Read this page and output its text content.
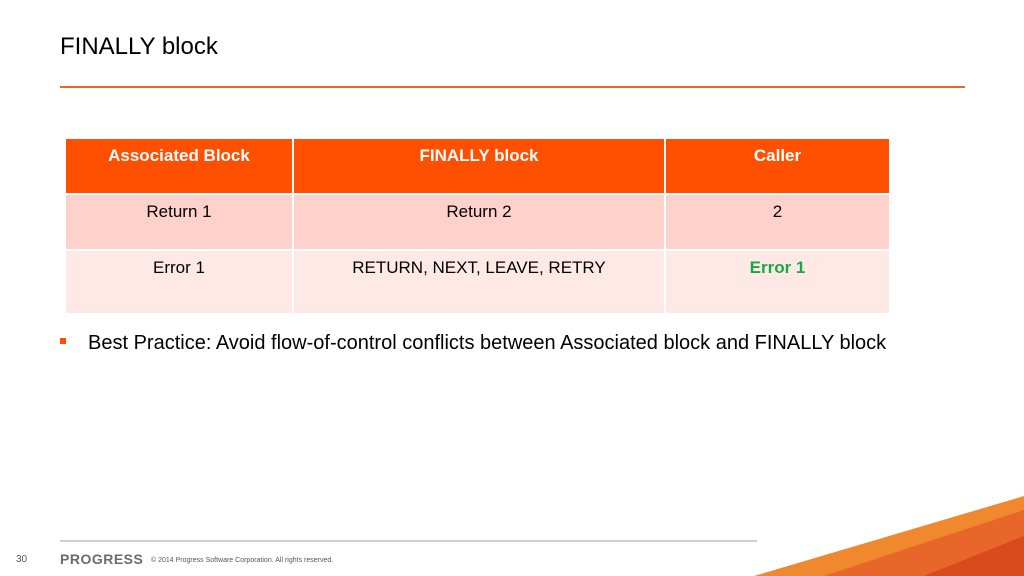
FINALLY block
Associated Block	FINALLY block	Caller
Return 1	Return 2	2
Error 1	RETURN, NEXT, LEAVE, RETRY	Error 1
Best Practice: Avoid flow-of-control conflicts between Associated block and FINALLY block
30 PROGRESS © 2014 Progress Software Corporation. All rights reserved.
